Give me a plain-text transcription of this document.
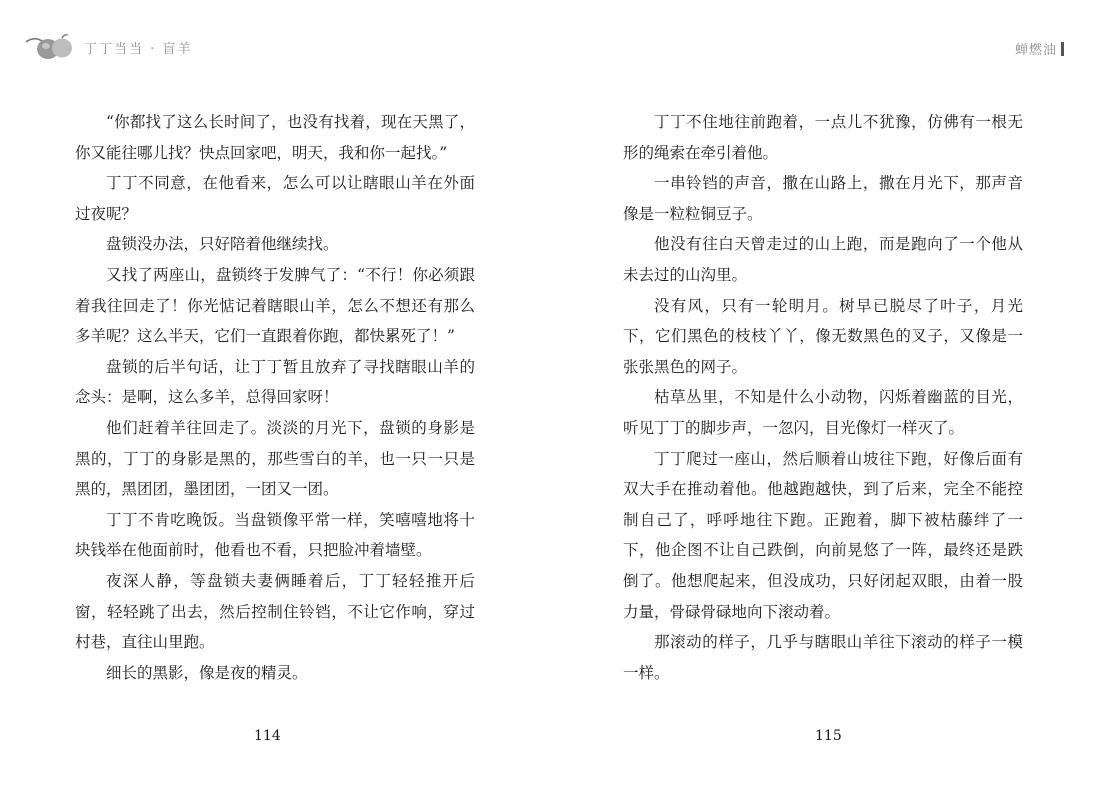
丁丁当当 · 盲羊	蝉燃油

“你都找了这么长时间了，也没有找着，现在天黑了，你又能往哪儿找？快点回家吧，明天，我和你一起找。”

丁丁不同意，在他看来，怎么可以让瞎眼山羊在外面过夜呢？

盘锁没办法，只好陪着他继续找。

又找了两座山，盘锁终于发脾气了：“不行！你必须跟着我往回走了！你光惦记着瞎眼山羊，怎么不想还有那么多羊呢？这么半天，它们一直跟着你跑，都快累死了！”

盘锁的后半句话，让丁丁暂且放弃了寻找瞎眼山羊的念头：是啊，这么多羊，总得回家呀！

他们赶着羊往回走了。淡淡的月光下，盘锁的身影是黑的，丁丁的身影是黑的，那些雪白的羊，也一只一只是黑的，黑团团，墨团团，一团又一团。

丁丁不肯吃晚饭。当盘锁像平常一样，笑嘻嘻地将十块钱举在他面前时，他看也不看，只把脸冲着墙壁。

夜深人静，等盘锁夫妻俩睡着后，丁丁轻轻推开后窗，轻轻跳了出去，然后控制住铃铛，不让它作响，穿过村巷，直往山里跑。

细长的黑影，像是夜的精灵。

丁丁不住地往前跑着，一点儿不犹豫，仿佛有一根无形的绳索在牵引着他。

一串铃铛的声音，撒在山路上，撒在月光下，那声音像是一粒粒铜豆子。

他没有往白天曾走过的山上跑，而是跑向了一个他从未去过的山沟里。

没有风，只有一轮明月。树早已脱尽了叶子，月光下，它们黑色的枝枝丫丫，像无数黑色的叉子，又像是一张张黑色的网子。

枯草丛里，不知是什么小动物，闪烁着幽蓝的目光，听见丁丁的脚步声，一忽闪，目光像灯一样灭了。

丁丁爬过一座山，然后顺着山坡往下跑，好像后面有双大手在推动着他。他越跑越快，到了后来，完全不能控制自己了，呼呼地往下跑。正跑着，脚下被枯藤绊了一下，他企图不让自己跌倒，向前晃悠了一阵，最终还是跌倒了。他想爬起来，但没成功，只好闭起双眼，由着一股力量，骨碌骨碌地向下滚动着。

那滚动的样子，几乎与瞎眼山羊往下滚动的样子一模一样。

114	115
